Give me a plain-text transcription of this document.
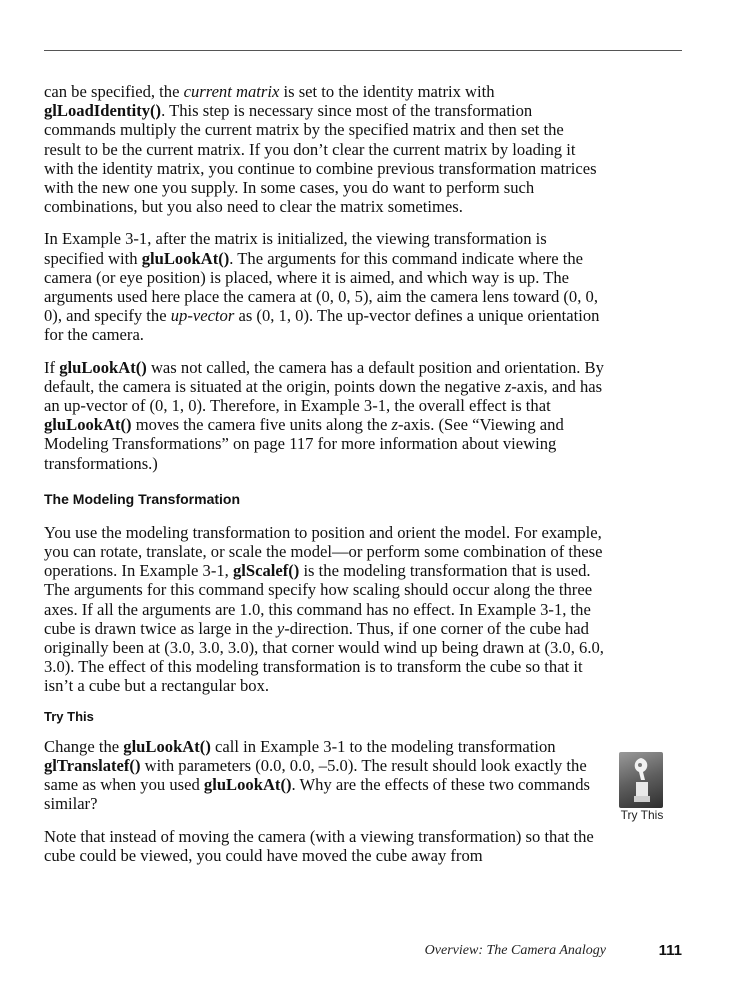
can be specified, the current matrix is set to the identity matrix with glLoadIdentity(). This step is necessary since most of the transformation commands multiply the current matrix by the specified matrix and then set the result to be the current matrix. If you don’t clear the current matrix by loading it with the identity matrix, you continue to combine previous transformation matrices with the new one you supply. In some cases, you do want to perform such combinations, but you also need to clear the matrix sometimes.

In Example 3-1, after the matrix is initialized, the viewing transformation is specified with gluLookAt(). The arguments for this command indicate where the camera (or eye position) is placed, where it is aimed, and which way is up. The arguments used here place the camera at (0, 0, 5), aim the camera lens toward (0, 0, 0), and specify the up-vector as (0, 1, 0). The up-vector defines a unique orientation for the camera.

If gluLookAt() was not called, the camera has a default position and orientation. By default, the camera is situated at the origin, points down the negative z-axis, and has an up-vector of (0, 1, 0). Therefore, in Example 3-1, the overall effect is that gluLookAt() moves the camera five units along the z-axis. (See “Viewing and Modeling Transformations” on page 117 for more information about viewing transformations.)

The Modeling Transformation

You use the modeling transformation to position and orient the model. For example, you can rotate, translate, or scale the model—or perform some combination of these operations. In Example 3-1, glScalef() is the modeling transformation that is used. The arguments for this command specify how scaling should occur along the three axes. If all the arguments are 1.0, this command has no effect. In Example 3-1, the cube is drawn twice as large in the y-direction. Thus, if one corner of the cube had originally been at (3.0, 3.0, 3.0), that corner would wind up being drawn at (3.0, 6.0, 3.0). The effect of this modeling transformation is to transform the cube so that it isn’t a cube but a rectangular box.

Try This

Change the gluLookAt() call in Example 3-1 to the modeling transformation glTranslatef() with parameters (0.0, 0.0, –5.0). The result should look exactly the same as when you used gluLookAt(). Why are the effects of these two commands similar?

Note that instead of moving the camera (with a viewing transformation) so that the cube could be viewed, you could have moved the cube away from

Try This
Overview: The Camera Analogy	111
